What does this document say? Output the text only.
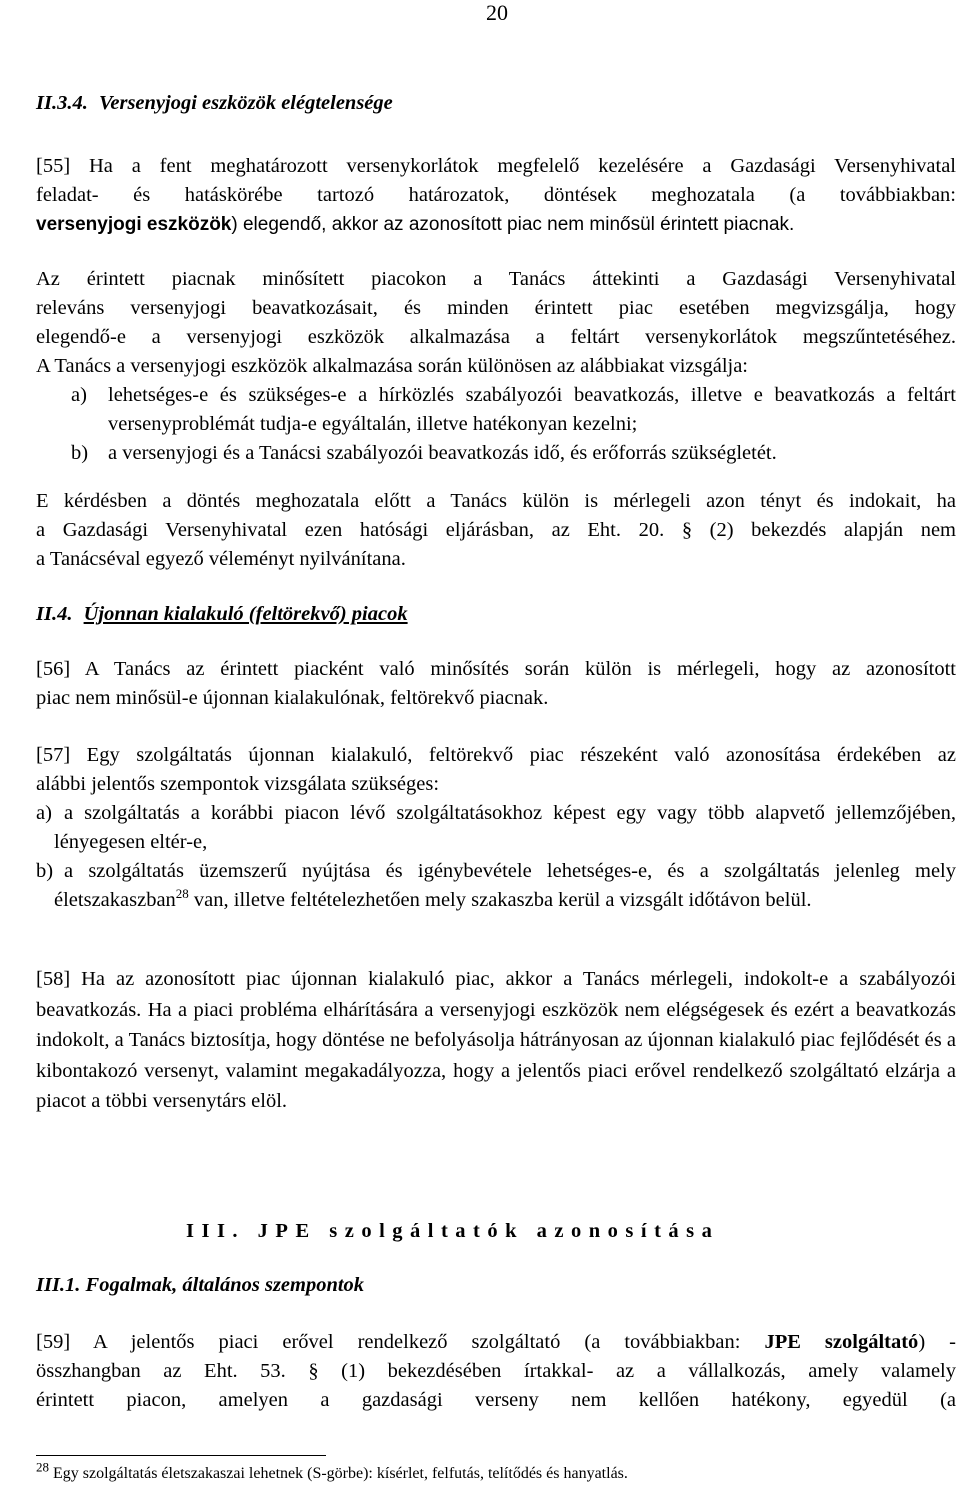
20
II.3.4. Versenyjogi eszközök elégtelensége
[55] Ha a fent meghatározott versenykorlátok megfelelő kezelésére a Gazdasági Versenyhivatal
feladat- és hatáskörébe tartozó határozatok, döntések meghozatala (a továbbiakban:
versenyjogi eszközök) elegendő, akkor az azonosított piac nem minősül érintett piacnak.
Az érintett piacnak minősített piacokon a Tanács áttekinti a Gazdasági Versenyhivatal
releváns versenyjogi beavatkozásait, és minden érintett piac esetében megvizsgálja, hogy
elegendő-e a versenyjogi eszközök alkalmazása a feltárt versenykorlátok megszűntetéséhez.
A Tanács a versenyjogi eszközök alkalmazása során különösen az alábbiakat vizsgálja:
a) lehetséges-e és szükséges-e a hírközlés szabályozói beavatkozás, illetve e beavatkozás a feltárt versenyproblémát tudja-e egyáltalán, illetve hatékonyan kezelni;
b) a versenyjogi és a Tanácsi szabályozói beavatkozás idő, és erőforrás szükségletét.
E kérdésben a döntés meghozatala előtt a Tanács külön is mérlegeli azon tényt és indokait, ha
a Gazdasági Versenyhivatal ezen hatósági eljárásban, az Eht. 20. § (2) bekezdés alapján nem
a Tanácséval egyező véleményt nyilvánítana.
II.4. Újonnan kialakuló (feltörekvő) piacok
[56] A Tanács az érintett piacként való minősítés során külön is mérlegeli, hogy az azonosított
piac nem minősül-e újonnan kialakulónak, feltörekvő piacnak.
[57] Egy szolgáltatás újonnan kialakuló, feltörekvő piac részeként való azonosítása érdekében az
alábbi jelentős szempontok vizsgálata szükséges:
a) a szolgáltatás a korábbi piacon lévő szolgáltatásokhoz képest egy vagy több alapvető jellemzőjében, lényegesen eltér-e,
b) a szolgáltatás üzemszerű nyújtása és igénybevétele lehetséges-e, és a szolgáltatás jelenleg mely életszakaszban$^{28}$ van, illetve feltételezhetően mely szakaszba kerül a vizsgált időtávon belül.
[58] Ha az azonosított piac újonnan kialakuló piac, akkor a Tanács mérlegeli, indokolt-e a szabályozói beavatkozás. Ha a piaci probléma elhárítására a versenyjogi eszközök nem elégségesek és ezért a beavatkozás indokolt, a Tanács biztosítja, hogy döntése ne befolyásolja hátrányosan az újonnan kialakuló piac fejlődését és a kibontakozó versenyt, valamint megakadályozza, hogy a jelentős piaci erővel rendelkező szolgáltató elzárja a piacot a többi versenytárs elöl.
III. JPE szolgáltatók azonosítása
III.1. Fogalmak, általános szempontok
[59] A jelentős piaci erővel rendelkező szolgáltató (a továbbiakban: JPE szolgáltató) -
összhangban az Eht. 53. § (1) bekezdésében írtakkal- az a vállalkozás, amely valamely
érintett piacon, amelyen a gazdasági verseny nem kellően hatékony, egyedül (a
$^{28}$ Egy szolgáltatás életszakaszai lehetnek (S-görbe): kísérlet, felfutás, telítődés és hanyatlás.
